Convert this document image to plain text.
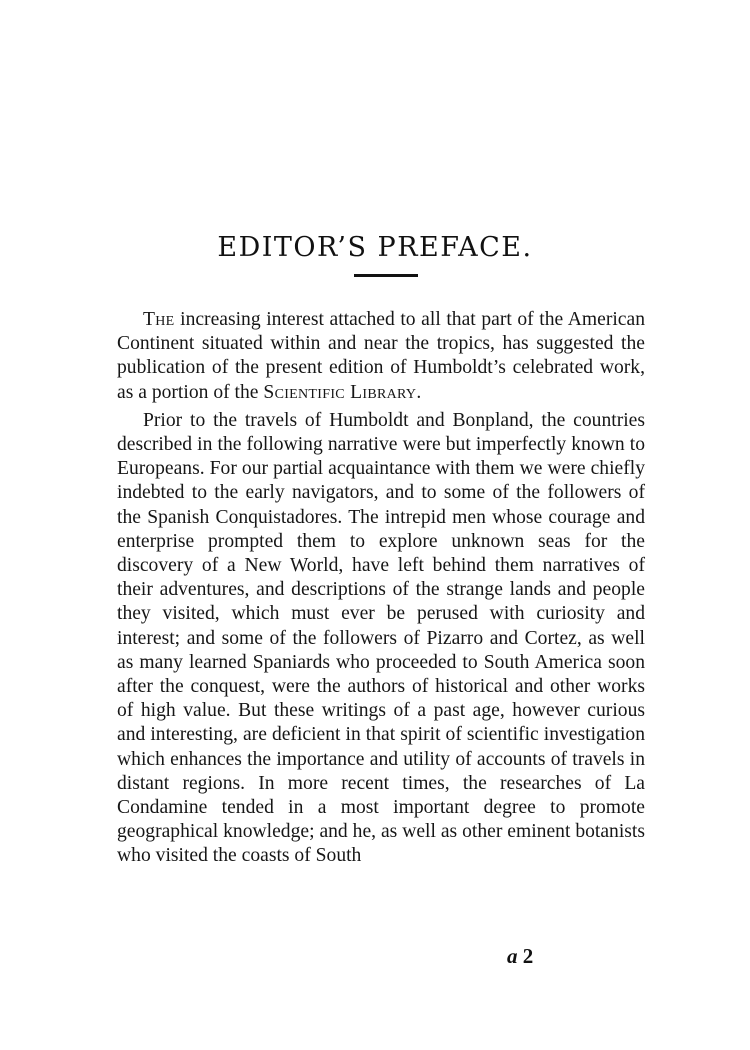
EDITOR’S PREFACE.

The increasing interest attached to all that part of the American Continent situated within and near the tropics, has suggested the publication of the present edition of Humboldt’s celebrated work, as a portion of the Scientific Library.

Prior to the travels of Humboldt and Bonpland, the countries described in the following narrative were but imperfectly known to Europeans. For our partial acquaintance with them we were chiefly indebted to the early navigators, and to some of the followers of the Spanish Conquistadores. The intrepid men whose courage and enterprise prompted them to explore unknown seas for the discovery of a New World, have left behind them narratives of their adventures, and descriptions of the strange lands and people they visited, which must ever be perused with curiosity and interest; and some of the followers of Pizarro and Cortez, as well as many learned Spaniards who proceeded to South America soon after the conquest, were the authors of historical and other works of high value. But these writings of a past age, however curious and interesting, are deficient in that spirit of scientific investigation which enhances the importance and utility of accounts of travels in distant regions. In more recent times, the researches of La Condamine tended in a most important degree to promote geographical knowledge; and he, as well as other eminent botanists who visited the coasts of South

a 2
